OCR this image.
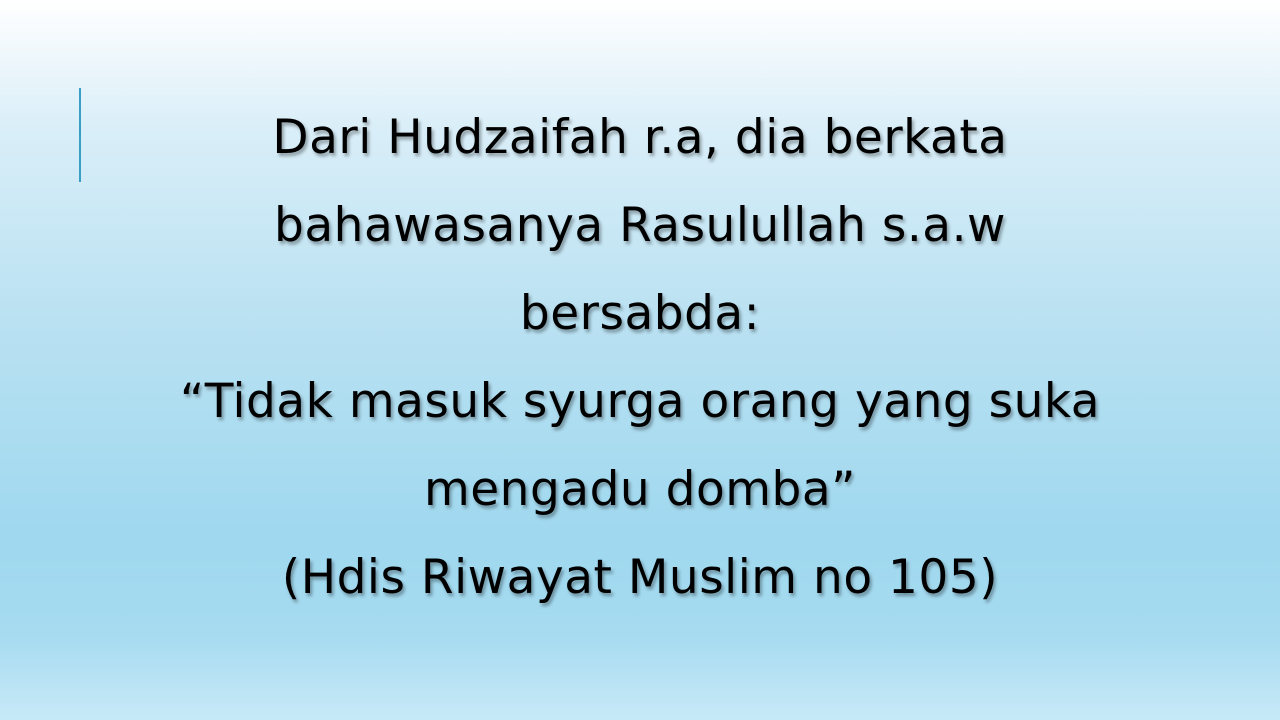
Dari Hudzaifah r.a, dia berkata
bahawasanya Rasulullah s.a.w
bersabda:
“Tidak masuk syurga orang yang suka
mengadu domba”
(Hdis Riwayat Muslim no 105)
